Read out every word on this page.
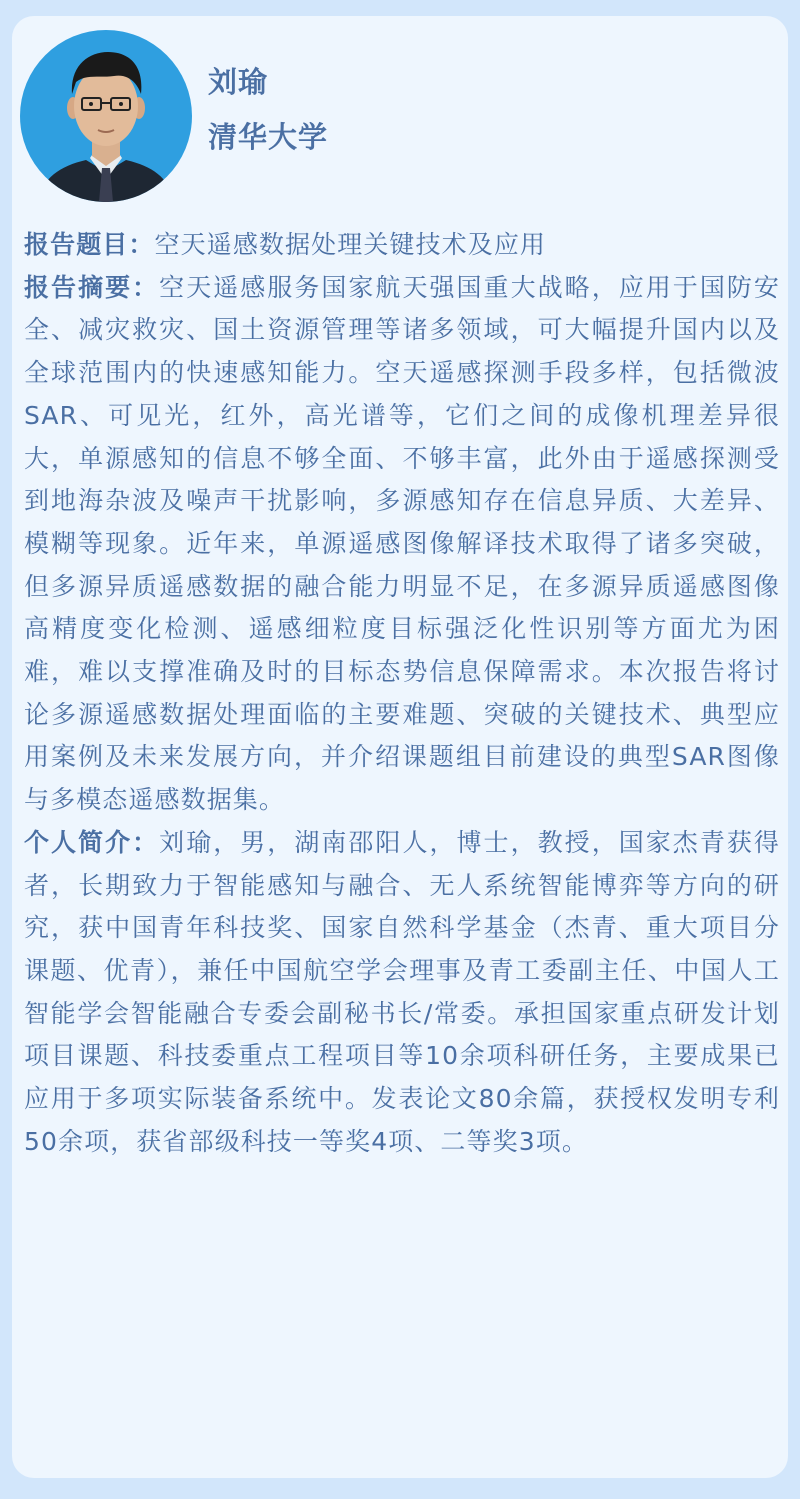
刘瑜
清华大学

报告题目：空天遥感数据处理关键技术及应用

报告摘要：空天遥感服务国家航天强国重大战略，应用于国防安全、减灾救灾、国土资源管理等诸多领域，可大幅提升国内以及全球范围内的快速感知能力。空天遥感探测手段多样，包括微波SAR、可见光，红外，高光谱等，它们之间的成像机理差异很大，单源感知的信息不够全面、不够丰富，此外由于遥感探测受到地海杂波及噪声干扰影响，多源感知存在信息异质、大差异、模糊等现象。近年来，单源遥感图像解译技术取得了诸多突破，但多源异质遥感数据的融合能力明显不足，在多源异质遥感图像高精度变化检测、遥感细粒度目标强泛化性识别等方面尤为困难，难以支撑准确及时的目标态势信息保障需求。本次报告将讨论多源遥感数据处理面临的主要难题、突破的关键技术、典型应用案例及未来发展方向，并介绍课题组目前建设的典型SAR图像与多模态遥感数据集。

个人简介：刘瑜，男，湖南邵阳人，博士，教授，国家杰青获得者，长期致力于智能感知与融合、无人系统智能博弈等方向的研究，获中国青年科技奖、国家自然科学基金（杰青、重大项目分课题、优青），兼任中国航空学会理事及青工委副主任、中国人工智能学会智能融合专委会副秘书长/常委。承担国家重点研发计划项目课题、科技委重点工程项目等10余项科研任务，主要成果已应用于多项实际装备系统中。发表论文80余篇，获授权发明专利50余项，获省部级科技一等奖4项、二等奖3项。
